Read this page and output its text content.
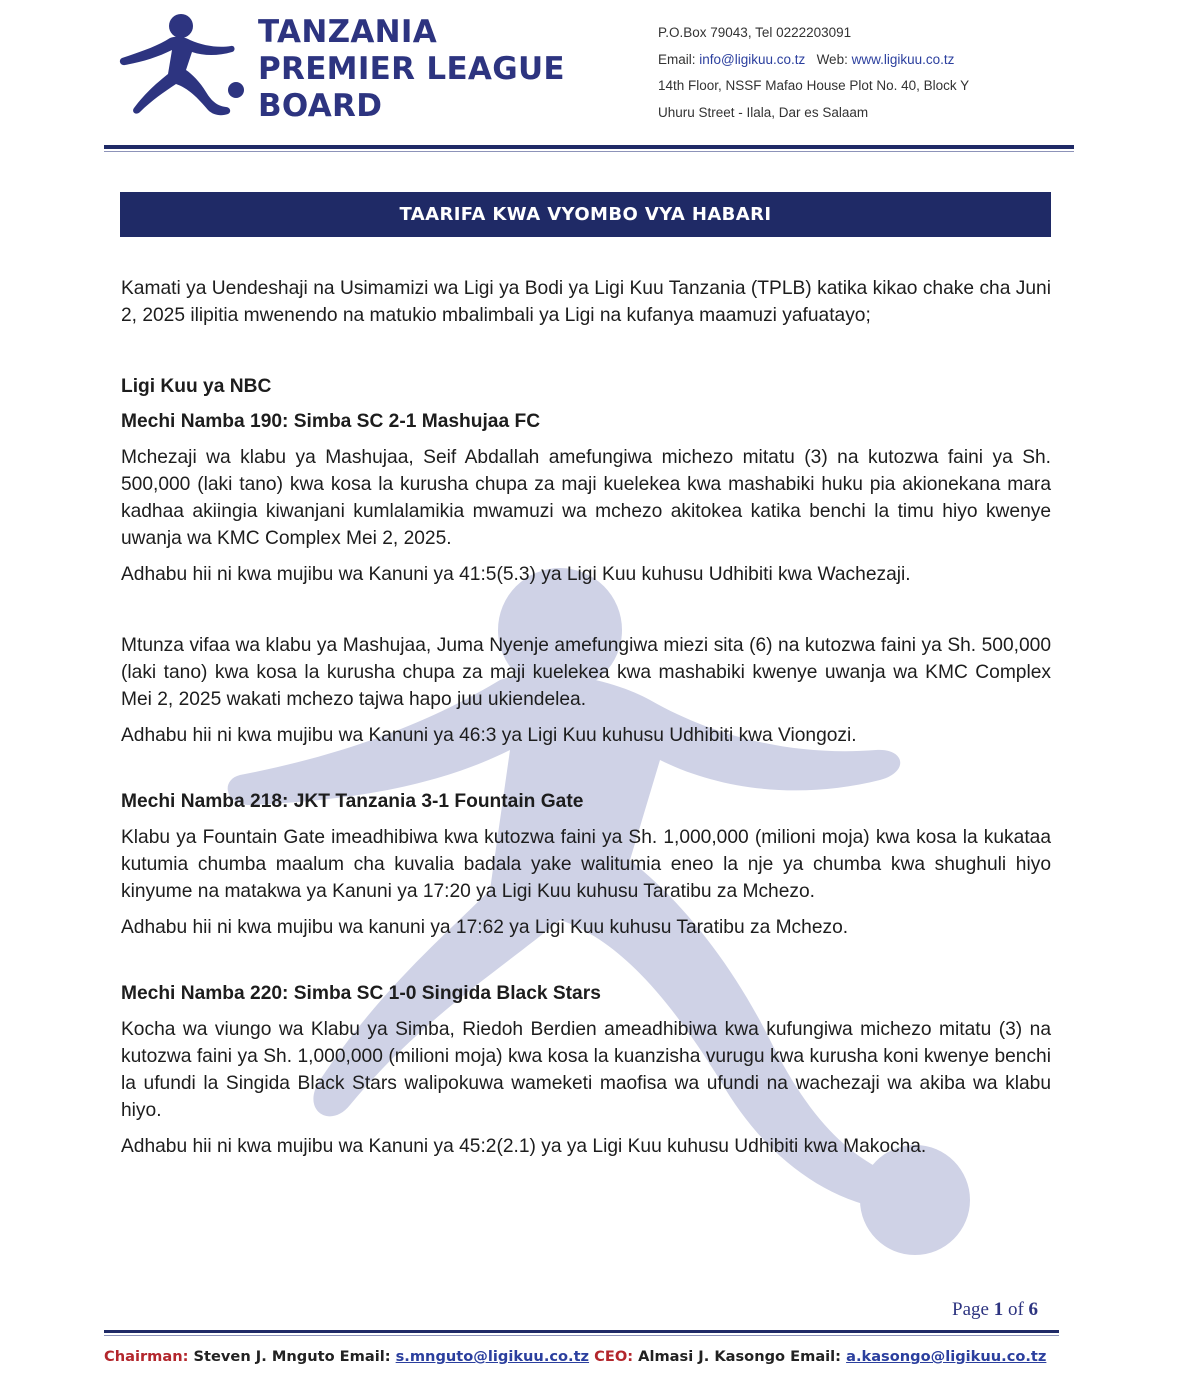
TANZANIA
PREMIER LEAGUE
BOARD
P.O.Box 79043, Tel 0222203091
Email: info@ligikuu.co.tz Web: www.ligikuu.co.tz
14th Floor, NSSF Mafao House Plot No. 40, Block Y
Uhuru Street - Ilala, Dar es Salaam
TAARIFA KWA VYOMBO VYA HABARI

Kamati ya Uendeshaji na Usimamizi wa Ligi ya Bodi ya Ligi Kuu Tanzania (TPLB) katika kikao chake cha Juni 2, 2025 ilipitia mwenendo na matukio mbalimbali ya Ligi na kufanya maamuzi yafuatayo;

Ligi Kuu ya NBC

Mechi Namba 190: Simba SC 2-1 Mashujaa FC

Mchezaji wa klabu ya Mashujaa, Seif Abdallah amefungiwa michezo mitatu (3) na kutozwa faini ya Sh. 500,000 (laki tano) kwa kosa la kurusha chupa za maji kuelekea kwa mashabiki huku pia akionekana mara kadhaa akiingia kiwanjani kumlalamikia mwamuzi wa mchezo akitokea katika benchi la timu hiyo kwenye uwanja wa KMC Complex Mei 2, 2025.

Adhabu hii ni kwa mujibu wa Kanuni ya 41:5(5.3) ya Ligi Kuu kuhusu Udhibiti kwa Wachezaji.

Mtunza vifaa wa klabu ya Mashujaa, Juma Nyenje amefungiwa miezi sita (6) na kutozwa faini ya Sh. 500,000 (laki tano) kwa kosa la kurusha chupa za maji kuelekea kwa mashabiki kwenye uwanja wa KMC Complex Mei 2, 2025 wakati mchezo tajwa hapo juu ukiendelea.

Adhabu hii ni kwa mujibu wa Kanuni ya 46:3 ya Ligi Kuu kuhusu Udhibiti kwa Viongozi.

Mechi Namba 218: JKT Tanzania 3-1 Fountain Gate

Klabu ya Fountain Gate imeadhibiwa kwa kutozwa faini ya Sh. 1,000,000 (milioni moja) kwa kosa la kukataa kutumia chumba maalum cha kuvalia badala yake walitumia eneo la nje ya chumba kwa shughuli hiyo kinyume na matakwa ya Kanuni ya 17:20 ya Ligi Kuu kuhusu Taratibu za Mchezo.

Adhabu hii ni kwa mujibu wa kanuni ya 17:62 ya Ligi Kuu kuhusu Taratibu za Mchezo.

Mechi Namba 220: Simba SC 1-0 Singida Black Stars

Kocha wa viungo wa Klabu ya Simba, Riedoh Berdien ameadhibiwa kwa kufungiwa michezo mitatu (3) na kutozwa faini ya Sh. 1,000,000 (milioni moja) kwa kosa la kuanzisha vurugu kwa kurusha koni kwenye benchi la ufundi la Singida Black Stars walipokuwa wameketi maofisa wa ufundi na wachezaji wa akiba wa klabu hiyo.

Adhabu hii ni kwa mujibu wa Kanuni ya 45:2(2.1) ya ya Ligi Kuu kuhusu Udhibiti kwa Makocha.

Page 1 of 6
Chairman: Steven J. Mnguto Email: s.mnguto@ligikuu.co.tz CEO: Almasi J. Kasongo Email: a.kasongo@ligikuu.co.tz
